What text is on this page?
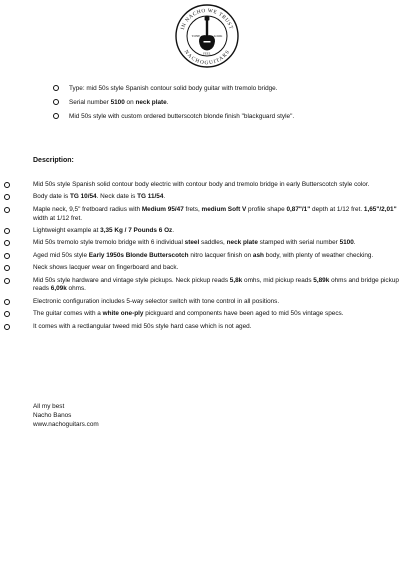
IN NACHO WE TRUST
NACHOGUITARS
TONE	LOOK
FEEL
Type: mid 50s style Spanish contour solid body guitar with tremolo bridge.
Serial number 5100 on neck plate.
Mid 50s style with custom ordered butterscotch blonde finish "blackguard style".
Description:
Mid 50s style Spanish solid contour body electric with contour body and tremolo bridge in early Butterscotch style color.
Body date is TG 10/54. Neck date is TG 11/54.
Maple neck, 9,5" fretboard radius with Medium 95/47 frets, medium Soft V profile shape 0,87"/1" depth at 1/12 fret. 1,65"/2,01" width at 1/12 fret.
Lightweight example at 3,35 Kg / 7 Pounds 6 Oz.
Mid 50s tremolo style tremolo bridge with 6 individual steel saddles, neck plate stamped with serial number 5100.
Aged mid 50s style Early 1950s Blonde Butterscotch nitro lacquer finish on ash body, with plenty of weather checking.
Neck shows lacquer wear on fingerboard and back.
Mid 50s style hardware and vintage style pickups. Neck pickup reads 5,8k omhs, mid pickup reads 5,89k ohms and bridge pickup reads 6,09k ohms.
Electronic configuration includes 5-way selector switch with tone control in all positions.
The guitar comes with a white one-ply pickguard and components have been aged to mid 50s vintage specs.
It comes with a rectlangular tweed mid 50s style hard case which is not aged.
All my best
Nacho Banos
www.nachoguitars.com
